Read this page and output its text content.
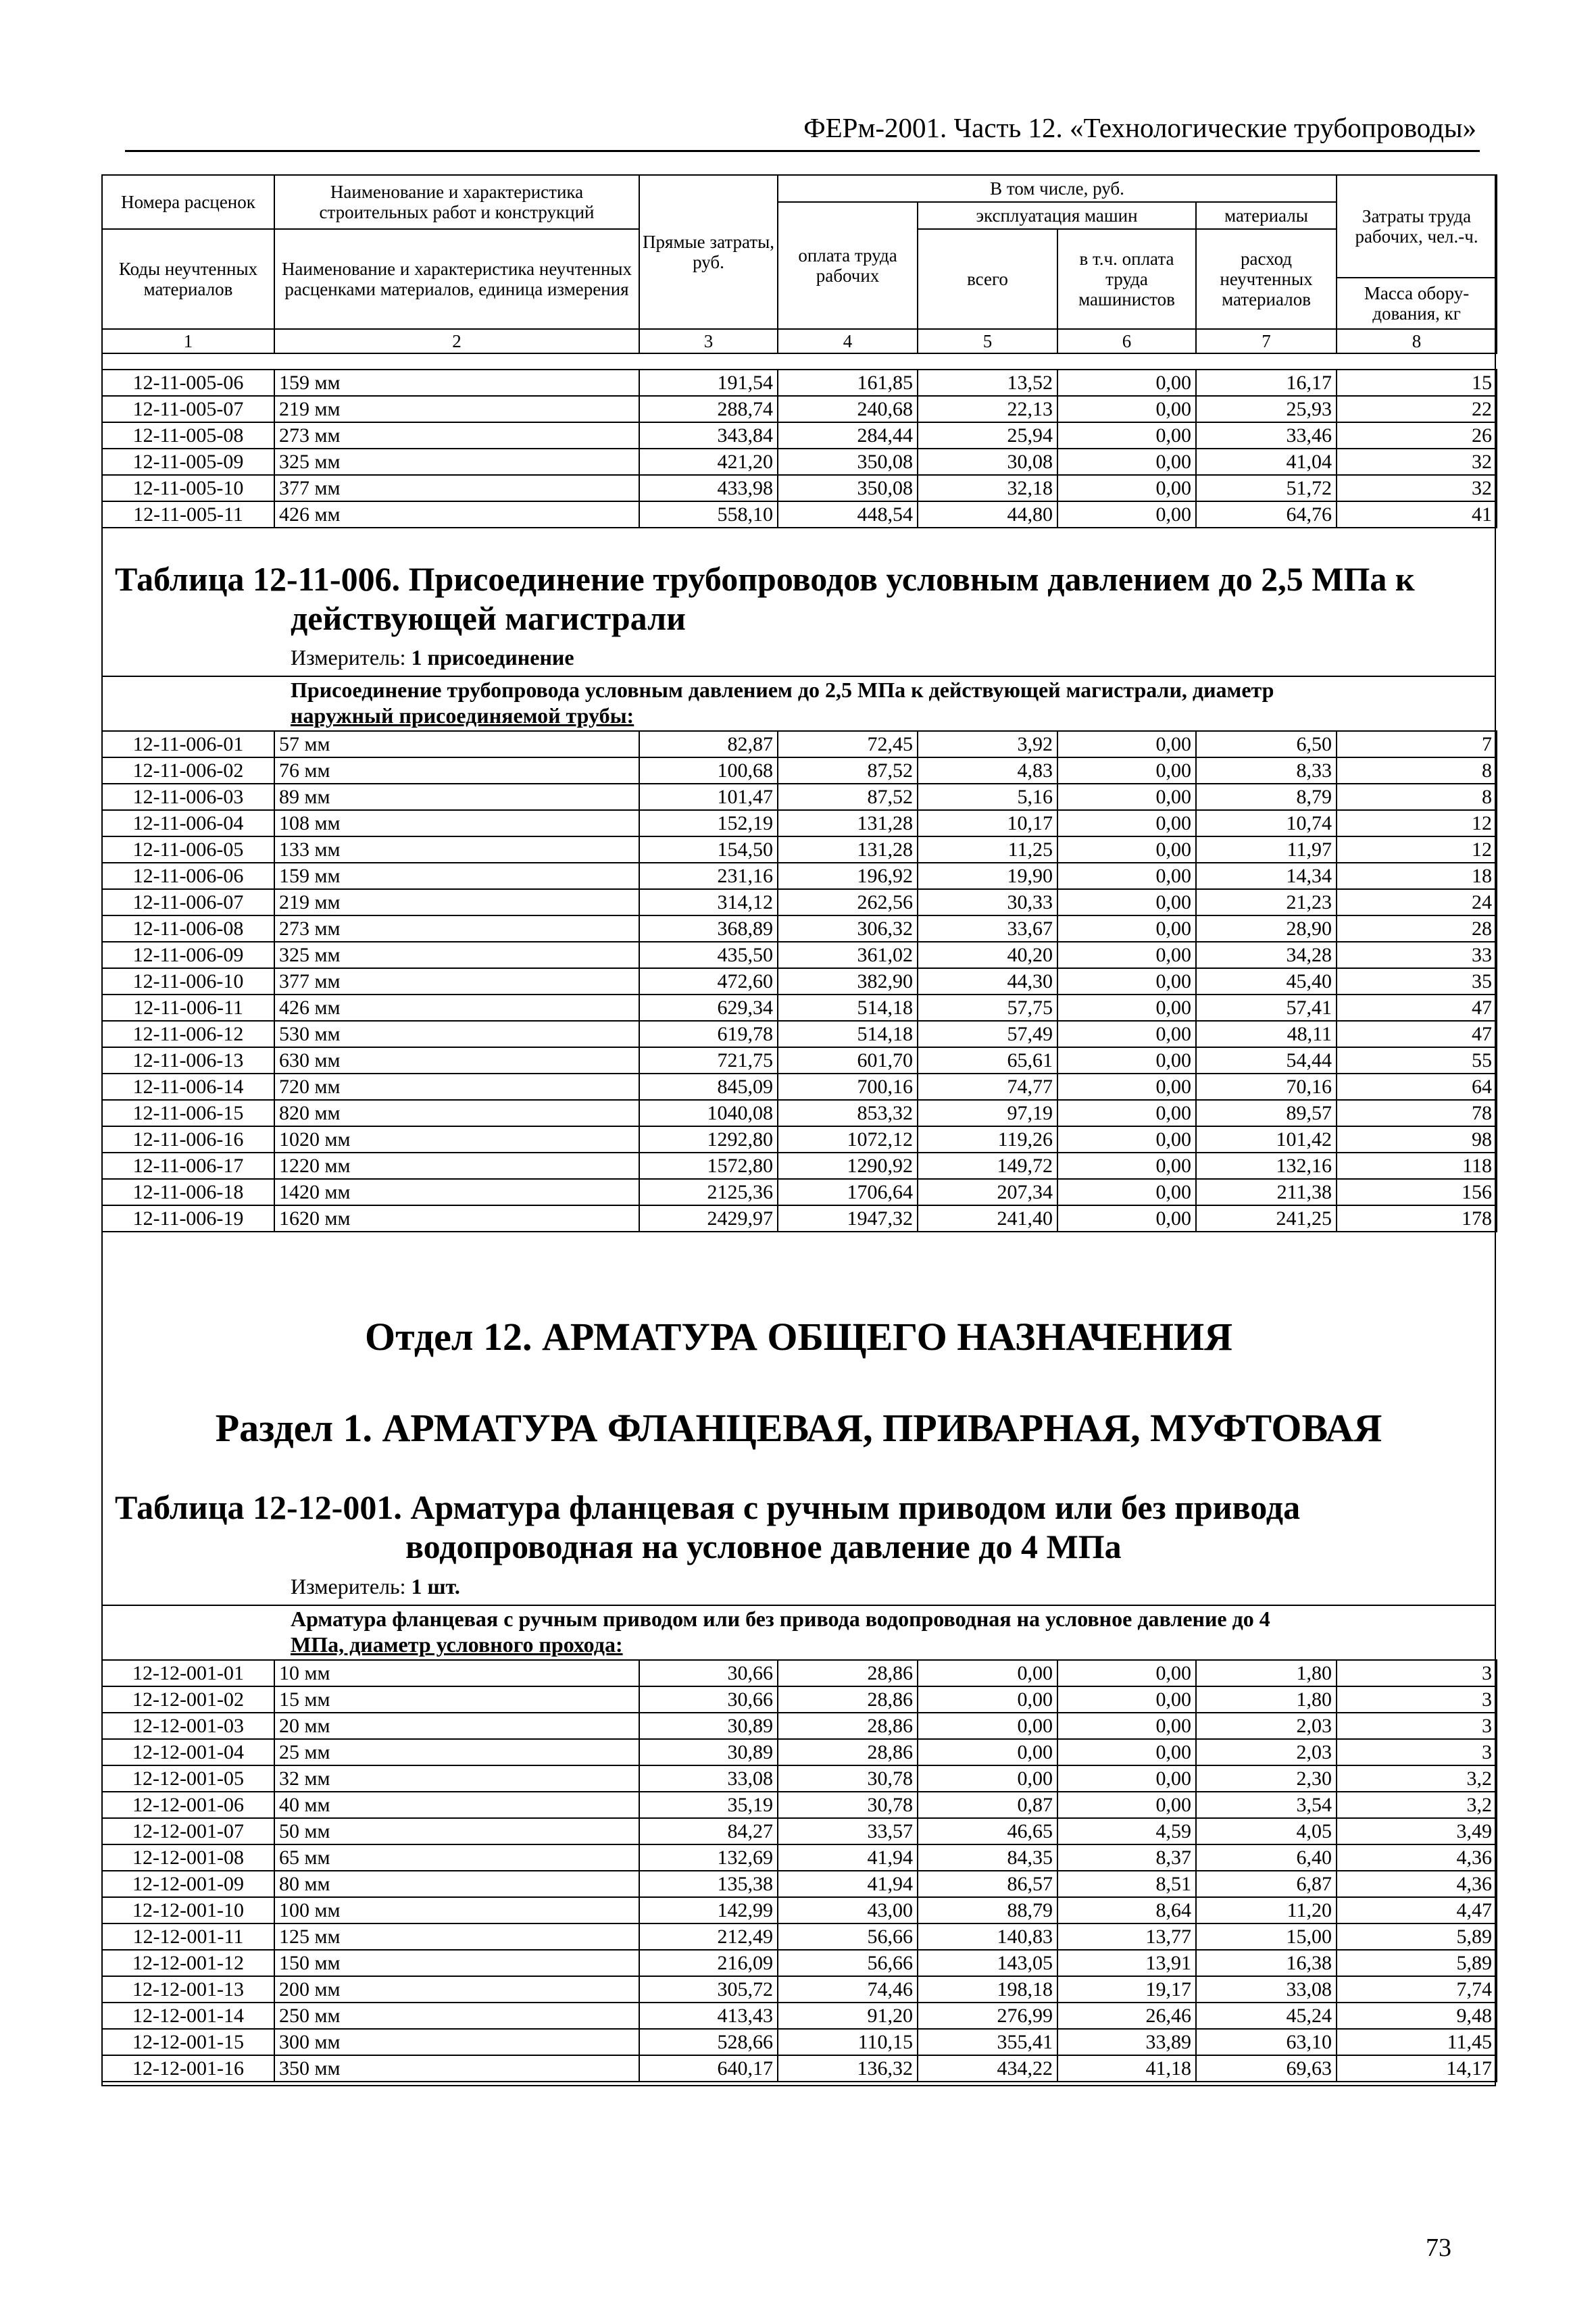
ФЕРм-2001. Часть 12. «Технологические трубопроводы»
Номера расценок	Наименование и характеристика строительных работ и конструкций	Прямые затраты, руб.	В том числе, руб.				Затраты труда рабочих, чел.-ч.
			оплата труда рабочих	эксплуатация машин		материалы	
Коды неучтенных материалов	Наименование и характеристика неучтенных расценками материалов, единица измерения			всего	в т.ч. оплата труда машинистов	расход неучтенных материалов	
							Масса обору-дования, кг
1	2	3	4	5	6	7	8
12-11-005-06	159 мм	191,54	161,85	13,52	0,00	16,17	15
12-11-005-07	219 мм	288,74	240,68	22,13	0,00	25,93	22
12-11-005-08	273 мм	343,84	284,44	25,94	0,00	33,46	26
12-11-005-09	325 мм	421,20	350,08	30,08	0,00	41,04	32
12-11-005-10	377 мм	433,98	350,08	32,18	0,00	51,72	32
12-11-005-11	426 мм	558,10	448,54	44,80	0,00	64,76	41
Таблица 12-11-006. Присоединение трубопроводов условным давлением до 2,5 МПа к
действующей магистрали
Измеритель: 1 присоединение
Присоединение трубопровода условным давлением до 2,5 МПа к действующей магистрали, диаметр
наружный присоединяемой трубы:
12-11-006-01	57 мм	82,87	72,45	3,92	0,00	6,50	7
12-11-006-02	76 мм	100,68	87,52	4,83	0,00	8,33	8
12-11-006-03	89 мм	101,47	87,52	5,16	0,00	8,79	8
12-11-006-04	108 мм	152,19	131,28	10,17	0,00	10,74	12
12-11-006-05	133 мм	154,50	131,28	11,25	0,00	11,97	12
12-11-006-06	159 мм	231,16	196,92	19,90	0,00	14,34	18
12-11-006-07	219 мм	314,12	262,56	30,33	0,00	21,23	24
12-11-006-08	273 мм	368,89	306,32	33,67	0,00	28,90	28
12-11-006-09	325 мм	435,50	361,02	40,20	0,00	34,28	33
12-11-006-10	377 мм	472,60	382,90	44,30	0,00	45,40	35
12-11-006-11	426 мм	629,34	514,18	57,75	0,00	57,41	47
12-11-006-12	530 мм	619,78	514,18	57,49	0,00	48,11	47
12-11-006-13	630 мм	721,75	601,70	65,61	0,00	54,44	55
12-11-006-14	720 мм	845,09	700,16	74,77	0,00	70,16	64
12-11-006-15	820 мм	1040,08	853,32	97,19	0,00	89,57	78
12-11-006-16	1020 мм	1292,80	1072,12	119,26	0,00	101,42	98
12-11-006-17	1220 мм	1572,80	1290,92	149,72	0,00	132,16	118
12-11-006-18	1420 мм	2125,36	1706,64	207,34	0,00	211,38	156
12-11-006-19	1620 мм	2429,97	1947,32	241,40	0,00	241,25	178
Отдел 12. АРМАТУРА ОБЩЕГО НАЗНАЧЕНИЯ
Раздел 1. АРМАТУРА ФЛАНЦЕВАЯ, ПРИВАРНАЯ, МУФТОВАЯ
Таблица 12-12-001. Арматура фланцевая с ручным приводом или без привода
водопроводная на условное давление до 4 МПа
Измеритель: 1 шт.
Арматура фланцевая с ручным приводом или без привода водопроводная на условное давление до 4
МПа, диаметр условного прохода:
12-12-001-01	10 мм	30,66	28,86	0,00	0,00	1,80	3
12-12-001-02	15 мм	30,66	28,86	0,00	0,00	1,80	3
12-12-001-03	20 мм	30,89	28,86	0,00	0,00	2,03	3
12-12-001-04	25 мм	30,89	28,86	0,00	0,00	2,03	3
12-12-001-05	32 мм	33,08	30,78	0,00	0,00	2,30	3,2
12-12-001-06	40 мм	35,19	30,78	0,87	0,00	3,54	3,2
12-12-001-07	50 мм	84,27	33,57	46,65	4,59	4,05	3,49
12-12-001-08	65 мм	132,69	41,94	84,35	8,37	6,40	4,36
12-12-001-09	80 мм	135,38	41,94	86,57	8,51	6,87	4,36
12-12-001-10	100 мм	142,99	43,00	88,79	8,64	11,20	4,47
12-12-001-11	125 мм	212,49	56,66	140,83	13,77	15,00	5,89
12-12-001-12	150 мм	216,09	56,66	143,05	13,91	16,38	5,89
12-12-001-13	200 мм	305,72	74,46	198,18	19,17	33,08	7,74
12-12-001-14	250 мм	413,43	91,20	276,99	26,46	45,24	9,48
12-12-001-15	300 мм	528,66	110,15	355,41	33,89	63,10	11,45
12-12-001-16	350 мм	640,17	136,32	434,22	41,18	69,63	14,17
73
